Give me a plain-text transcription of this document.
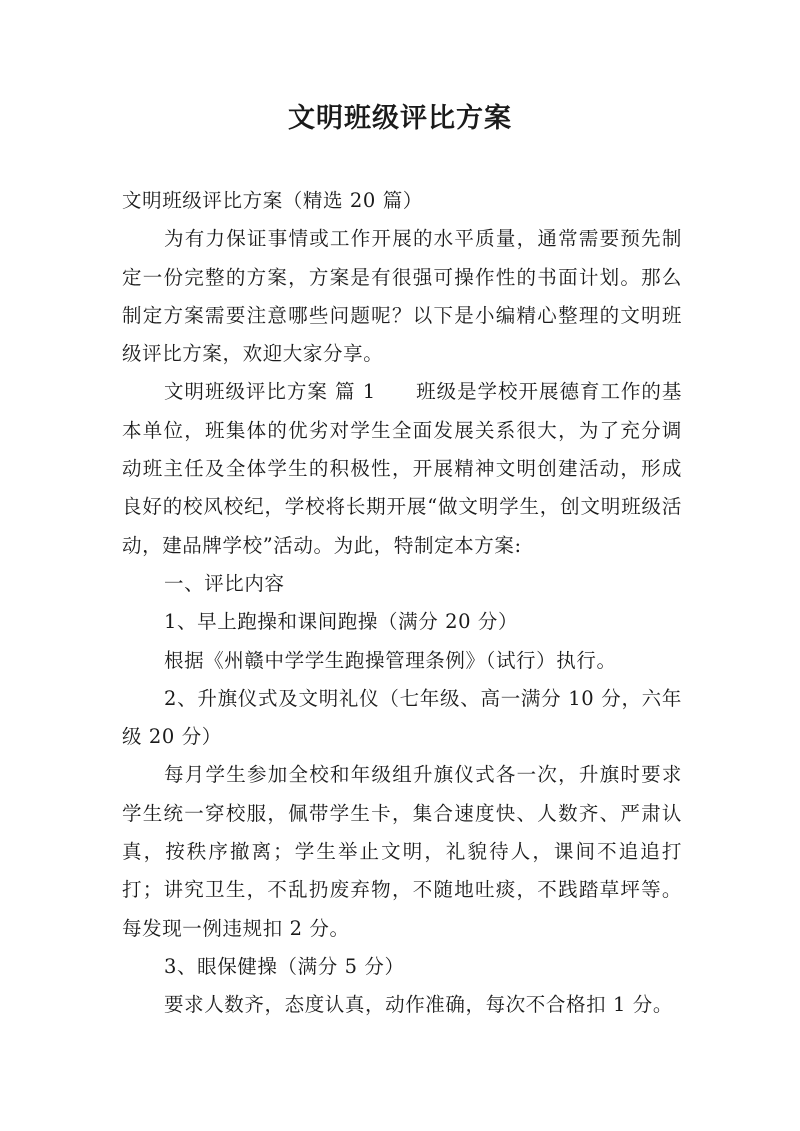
文明班级评比方案

文明班级评比方案（精选 20 篇）

为有力保证事情或工作开展的水平质量，通常需要预先制定一份完整的方案，方案是有很强可操作性的书面计划。那么制定方案需要注意哪些问题呢？以下是小编精心整理的文明班级评比方案，欢迎大家分享。

文明班级评比方案 篇 1 班级是学校开展德育工作的基本单位，班集体的优劣对学生全面发展关系很大，为了充分调动班主任及全体学生的积极性，开展精神文明创建活动，形成良好的校风校纪，学校将长期开展“做文明学生，创文明班级活动，建品牌学校”活动。为此，特制定本方案:

一、评比内容

1、早上跑操和课间跑操（满分 20 分）

根据《州赣中学学生跑操管理条例》（试行）执行。

2、升旗仪式及文明礼仪（七年级、高一满分 10 分，六年级 20 分）

每月学生参加全校和年级组升旗仪式各一次，升旗时要求学生统一穿校服，佩带学生卡，集合速度快、人数齐、严肃认真，按秩序撤离；学生举止文明，礼貌待人，课间不追追打打；讲究卫生，不乱扔废弃物，不随地吐痰，不践踏草坪等。每发现一例违规扣 2 分。

3、眼保健操（满分 5 分）

要求人数齐，态度认真，动作准确，每次不合格扣 1 分。
